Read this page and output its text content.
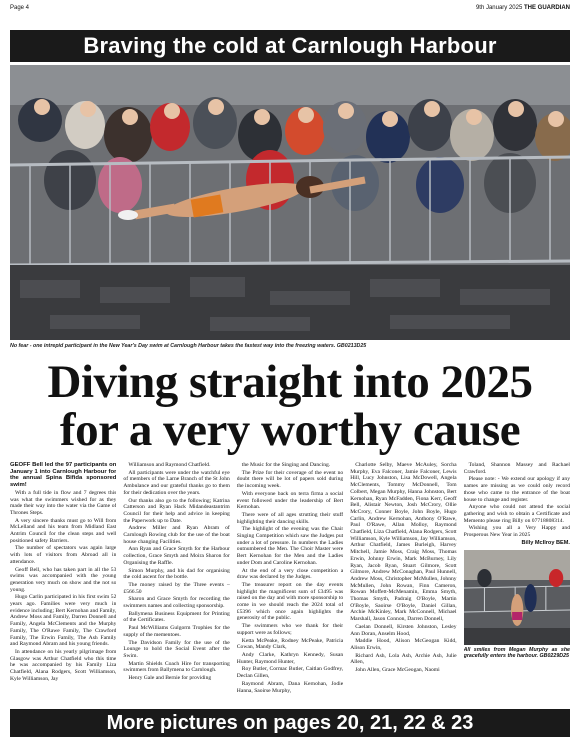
Page 4	9th January 2025 THE GUARDIAN
Braving the cold at Carnlough Harbour
No fear - one intrepid participant in the New Year's Day swim at Carnlough Harbour takes the fastest way into the freezing waters. GB0213D25
Diving straight into 2025
for a very worthy cause

GEOFF Bell led the 97 participants on January 1 into Carnlough Harbour for the annual Spina Bifida sponsored swim!

With a full tide in flow and 7 degrees this was what the swimmers wished for as they made their way into the water via the Game of Thrones Steps.

A very sincere thanks must go to Will from McLelland and his team from Midland East Antrim Council for the clean steps and well positioned safety Barriers.

The number of spectators was again large with lots of visitors from Abroad all in attendance.

Geoff Bell, who has taken part in all the 53 swims was accompanied with the young generation very much on show and the not so young.

Hugo Carlin participated in his first swim 52 years ago. Families were very much in evidence including; Bert Kernohan and Family, Andrew Moss and Family, Darren Donnell and Family, Angela McClements and the Murphy Family, The O'Rawe Family, The Crawford Family, The Erwin Family, The Ash Family and Raymond Abram and his young friends.

In attendance on his yearly pilgrimage from Glasgow was Arthur Chatfield who this time he was accompanied by his Family Liza Chatfield, Alana Rodgers, Scott Williamson, Kyle Williamson, Jay

Williamson and Raymond Chatfield.

All participants were under the watchful eye of members of the Larne Branch of the St John Ambulance and our grateful thanks go to them for their dedication over the years.

Our thanks also go to the following; Katrina Catterson and Ryan Hack Midandeastantrim Council for their help and advice in keeping the Paperwork up to Date.

Andrew Miller and Ryan Abram of Carnlough Rowing club for the use of the boat house changing Facilities.

Ann Ryan and Grace Smyth for the Harbour collection, Grace Smyth and Moira Sharon for Organising the Raffle.

Simon Murphy, and his dad for organising the cold ascent for the bottle.

The money raised by the Three events – £566.50

Sharon and Grace Smyth for recording the swimmers names and collecting sponsorship.

Ballymena Business Equipment for Printing of the Certificates.

Paul McWilliams Gulgorm Trophies for the supply of the mementoes.

The Davidson Family for the use of the Lounge to hold the Social Event after the Swim.

Martin Shields Coach Hire for transporting swimmers from Ballymena to Carnlough.

Henry Gale and Bernie for providing

the Music for the Singing and Dancing.

The Prize for their coverage of the event no doubt there will be lot of papers sold during the incoming week.

With everyone back on terra firma a social event followed under the leadership of Bert Kernohan.

There were of all ages strutting their stuff highlighting their dancing skills.

The highlight of the evening was the Chair Singing Competition which saw the Judges put under a lot of pressure. In numbers the Ladies outnumbered the Men. The Choir Master were Bert Kernohan for the Men and the Ladies under Dom and Caroline Kernohan.

At the end of a very close competition a draw was declared by the Judges.

The treasurer report on the day events highlight the magnificent sum of £3495 was raised on the day and with more sponsorship to come in we should reach the 2024 total of £5396 which once again highlights the generosity of the public.

The swimmers who we thank for their support were as follows;

Ketta McPeake, Rodney McPeake, Patricia Cowan, Mandy Clark,

Andy Clarke, Kathryn Kennedy, Susan Hunter, Raymond Hunter,

Roy Butler, Cormac Butler, Caitlan Godfrey, Declan Gillen,

Raymond Abram, Dana Kernohan, Jodie Hanna, Saoirse Murphy,

Charlotte Selby, Maeve McAuley, Sorcha Murphy, Eva Falconer, Jamie Falconer, Lewis Hill, Lucy Johnston, Lisa McDowell, Angela McClements, Tommy McDonnell, Tom Colbert, Megan Murphy, Hanna Johnston, Bert Kernohan, Ryan McFadden, Fiona Kerr, Geoff Bell, Alistair Newton, Josh McCrory, Ollie McCrory, Conner Boyle, John Boyle, Hugo Carlin, Andrew Kernohan, Anthony O'Rawe, Paul O'Rawe, Allan Molloy, Raymond Chatfield, Liza Chatfield, Alana Rodgers, Scott Williamson, Kyle Williamson, Jay Williamson, Arthur Chatfield, James Burleigh, Harvey Mitchell, Jamie Moss, Craig Moss, Thomas Erwin, Johnny Erwin, Mark McBurney, Lily Ryan, Jacob Ryan, Stuart Gilmore, Scott Gilmore, Andrew McConaghan, Paul Hunnell, Andrew Moss, Christopher McMullen, Johnny McMullen, John Rowan, Finn Cameron, Rowan Moffett-McMenamin, Emma Smyth, Thomas Smyth, Padraig O'Boyle, Martin O'Boyle, Saoirse O'Boyle, Daniel Gillan, Archie McKinley, Mark McConnell, Michael Marshall, Jason Connon, Darren Donnell,

Caelan Donnell, Kirsten Johnston, Lesley Ann Doran, Anselm Hood,

Maddie Hood, Alison McGeogan Kidd, Alison Erwin,

Richard Ash, Lola Ash, Archie Ash, Julie Allen,

John Allen, Grace McGeogan, Naomi

Toland, Shannon Massey and Rachael Crawford.

Please note: - We extend our apology if any names are missing as we could only record those who came to the entrance of the boat house to change and register.

Anyone who could not attend the social gathering and wish to obtain a Certificate and Memento please ring Billy on 07718808314.

Wishing you all a Very Happy and Prosperous New Year in 2025

Billy McIlroy BEM.

All smiles from Megan Murphy as she gracefully enters the harbour. GB0229D25
More pictures on pages 20, 21, 22 & 23
